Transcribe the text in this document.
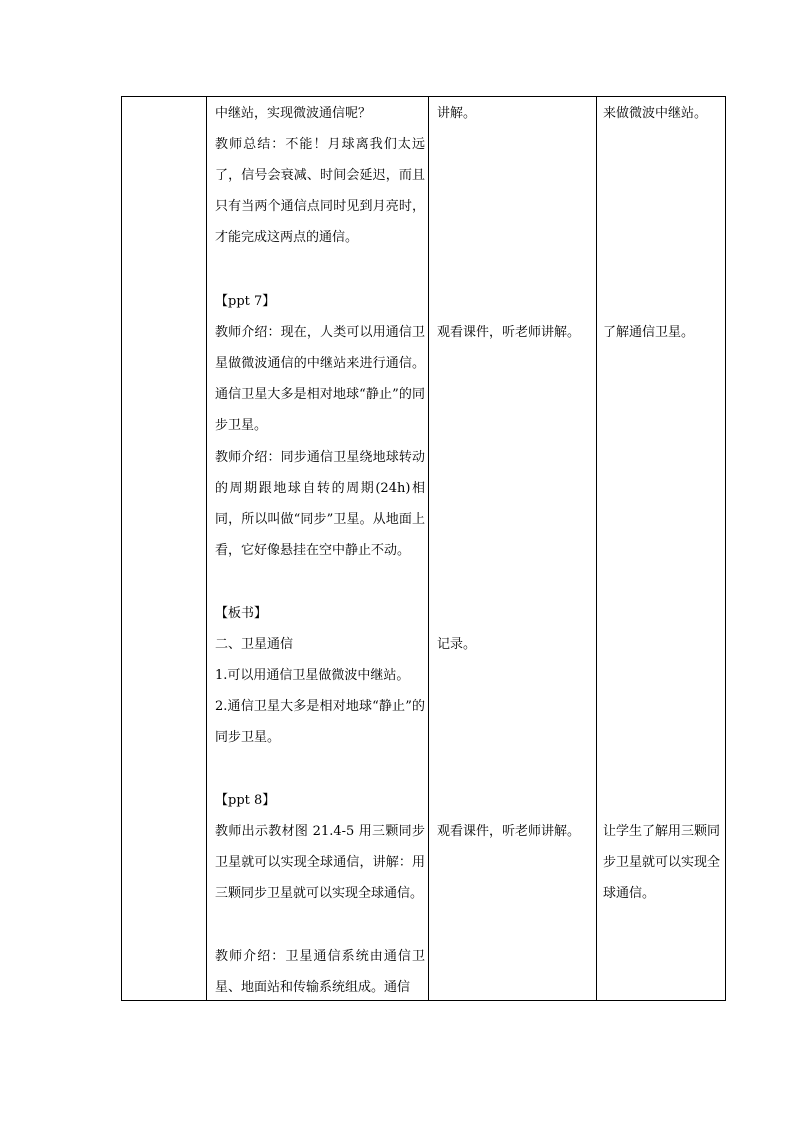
中继站，实现微波通信呢？
教师总结：不能！月球离我们太远了，信号会衰减、时间会延迟，而且只有当两个通信点同时见到月亮时，才能完成这两点的通信。
【ppt 7】
教师介绍：现在，人类可以用通信卫星做微波通信的中继站来进行通信。通信卫星大多是相对地球“静止”的同步卫星。
教师介绍：同步通信卫星绕地球转动的周期跟地球自转的周期(24h)相同，所以叫做“同步”卫星。从地面上看，它好像悬挂在空中静止不动。
【板书】
二、卫星通信
1.可以用通信卫星做微波中继站。
2.通信卫星大多是相对地球“静止”的同步卫星。
【ppt 8】
教师出示教材图 21.4-5 用三颗同步卫星就可以实现全球通信，讲解：用三颗同步卫星就可以实现全球通信。
教师介绍：卫星通信系统由通信卫星、地面站和传输系统组成。通信
讲解。
观看课件，听老师讲解。
记录。
观看课件，听老师讲解。
来做微波中继站。
了解通信卫星。
让学生了解用三颗同步卫星就可以实现全球通信。
